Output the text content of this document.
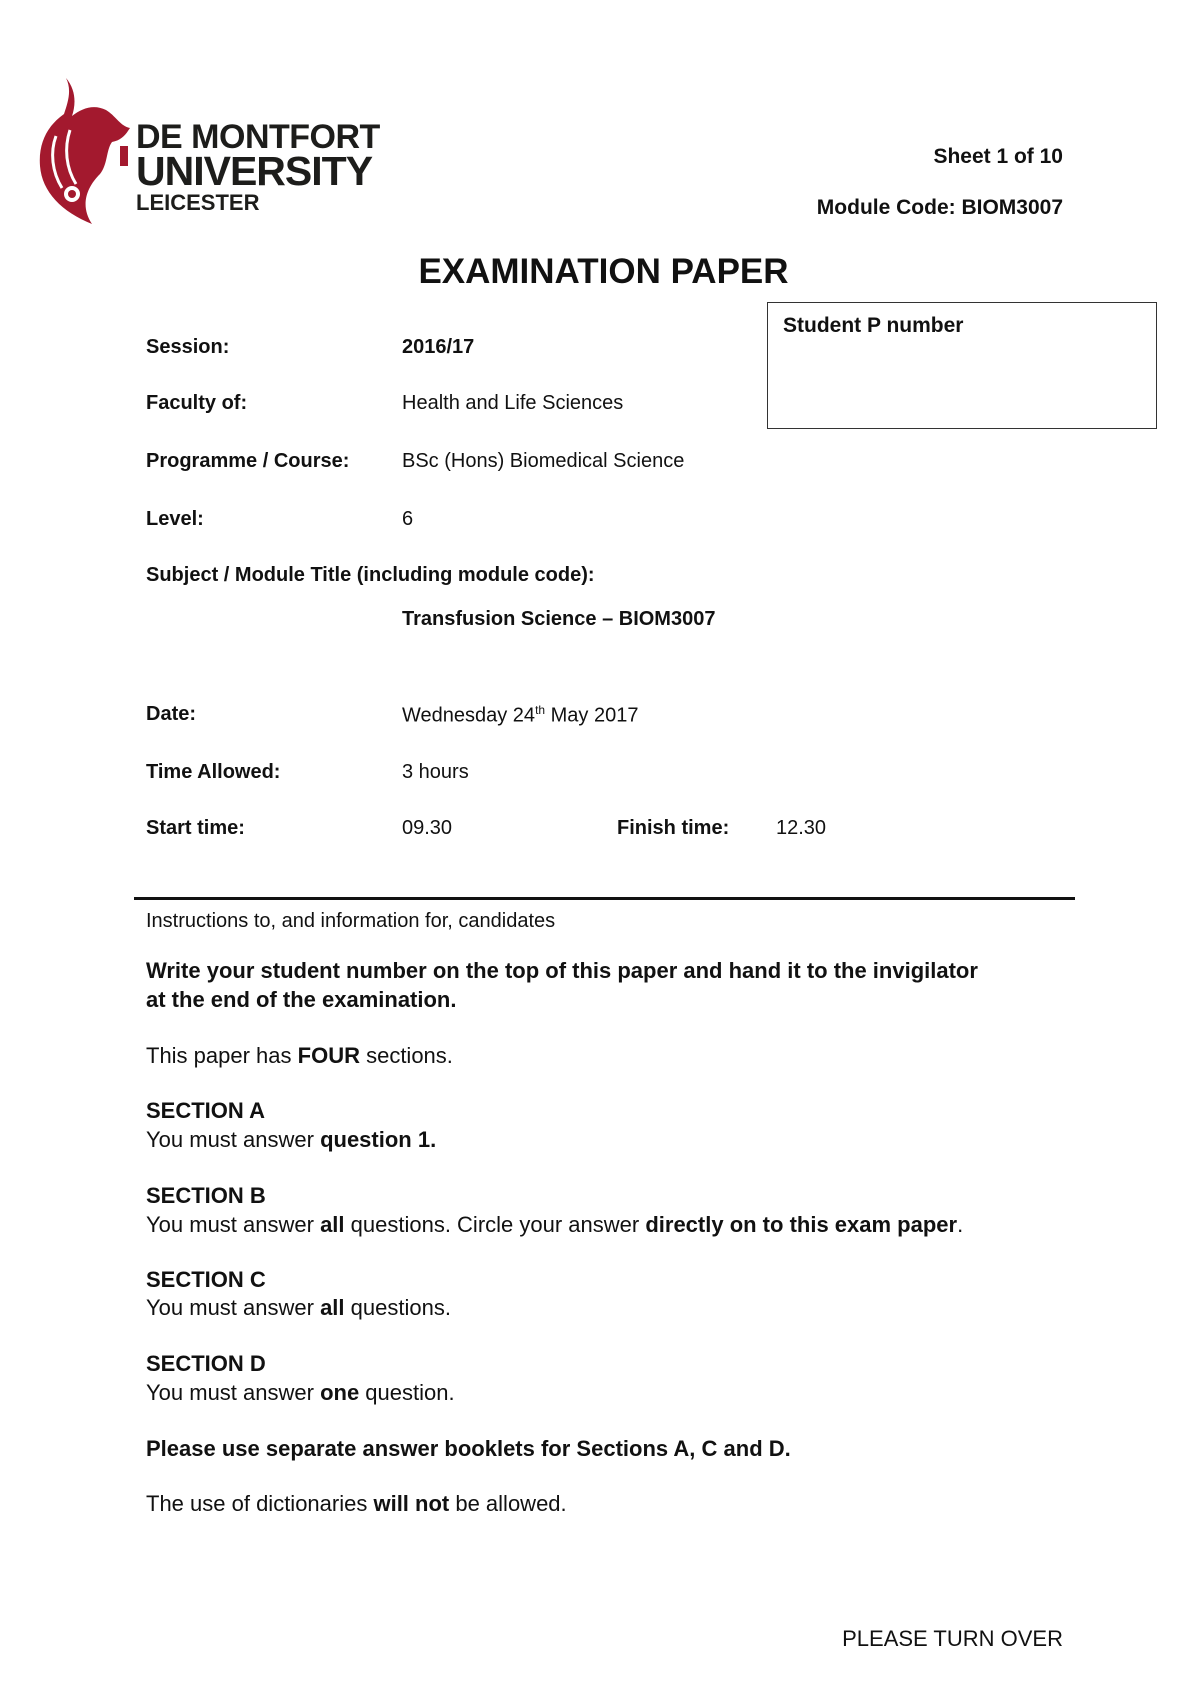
DE MONTFORT
UNIVERSITY
LEICESTER
Sheet 1 of 10
Module Code: BIOM3007
EXAMINATION PAPER
Student P number
Session:	2016/17
Faculty of:	Health and Life Sciences
Programme / Course:	BSc (Hons) Biomedical Science
Level:	6
Subject / Module Title (including module code):
Transfusion Science – BIOM3007
Date:	Wednesday 24th May 2017
Time Allowed:	3 hours
Start time:	09.30	Finish time: 12.30
Instructions to, and information for, candidates
Write your student number on the top of this paper and hand it to the invigilator
at the end of the examination.
This paper has FOUR sections.
SECTION A
You must answer question 1.
SECTION B
You must answer all questions. Circle your answer directly on to this exam paper.
SECTION C
You must answer all questions.
SECTION D
You must answer one question.
Please use separate answer booklets for Sections A, C and D.
The use of dictionaries will not be allowed.
PLEASE TURN OVER
